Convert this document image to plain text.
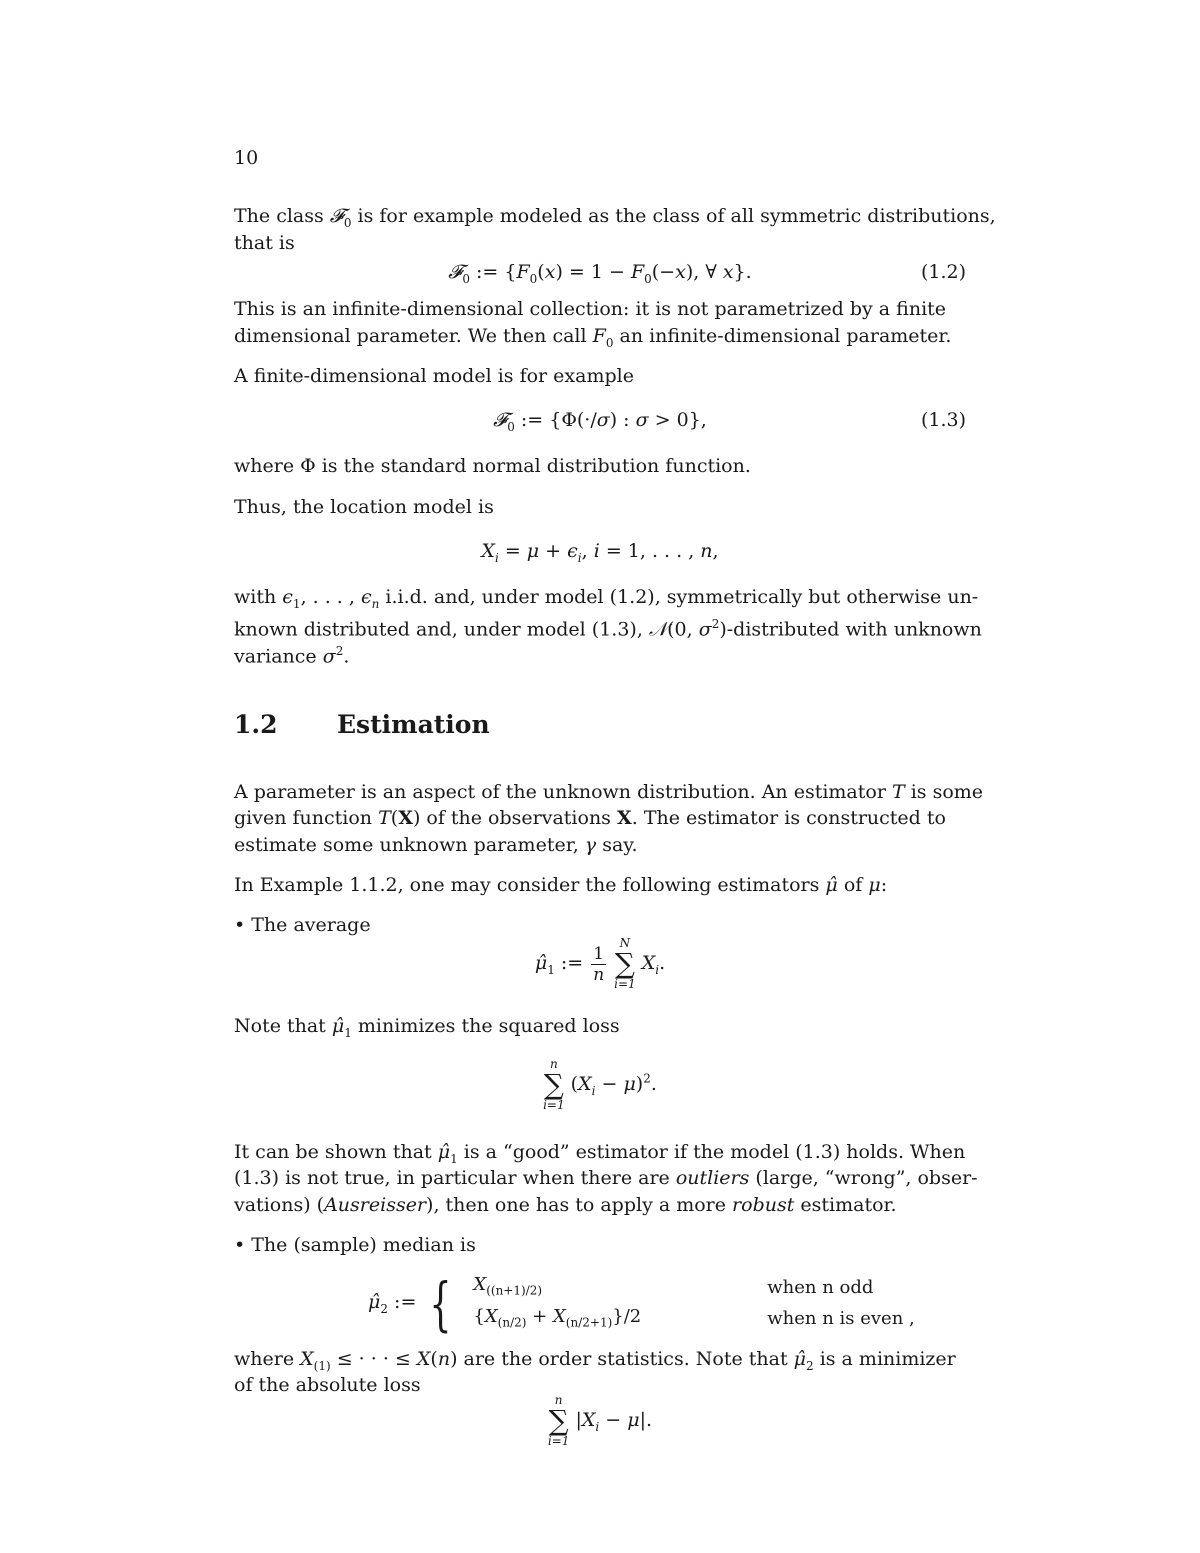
10
The class 𝓕$_0$ is for example modeled as the class of all symmetric distributions,
that is
𝓕$_0$ := {$F_0(x) = 1 - F_0(-x)$, ∀ x}.	(1.2)
This is an infinite-dimensional collection: it is not parametrized by a finite
dimensional parameter. We then call $F_0$ an infinite-dimensional parameter.
A finite-dimensional model is for example
𝓕$_0$ := {Φ(·/σ) : σ > 0},	(1.3)
where Φ is the standard normal distribution function.
Thus, the location model is
$X_i = \mu + \epsilon_i$, i = 1, . . . , n,
with $\epsilon_1$, . . . , $\epsilon_n$ i.i.d. and, under model (1.2), symmetrically but otherwise un-
known distributed and, under model (1.3), 𝒩(0, $\sigma^2$)-distributed with unknown
variance $\sigma^2$.
1.2 Estimation
A parameter is an aspect of the unknown distribution. An estimator T is some
given function T(X) of the observations X. The estimator is constructed to
estimate some unknown parameter, γ say.
In Example 1.1.2, one may consider the following estimators μ̂ of μ:
• The average
$\mû_1$ := $\frac{1}{n}$

N
∑
i=1
$X_i$.
Note that $\mû_1$ minimizes the squared loss
n
∑
i=1
$(X_i - \mu)^2$.
It can be shown that $\mû_1$ is a “good” estimator if the model (1.3) holds. When
(1.3) is not true, in particular when there are outliers (large, “wrong”, obser-
vations) (Ausreisser), then one has to apply a more robust estimator.
• The (sample) median is
$\mû_2$ := { $X_{((n+1)/2)}$	when n odd
$\{X_{(n/2)} + X_{(n/2+1)}\}/2$	when n is even ,
where $X_{(1)}$ ≤ · · · ≤ X(n) are the order statistics. Note that $\mû_2$ is a minimizer
of the absolute loss
n
∑
i=1
$|X_i - \mu|$.
